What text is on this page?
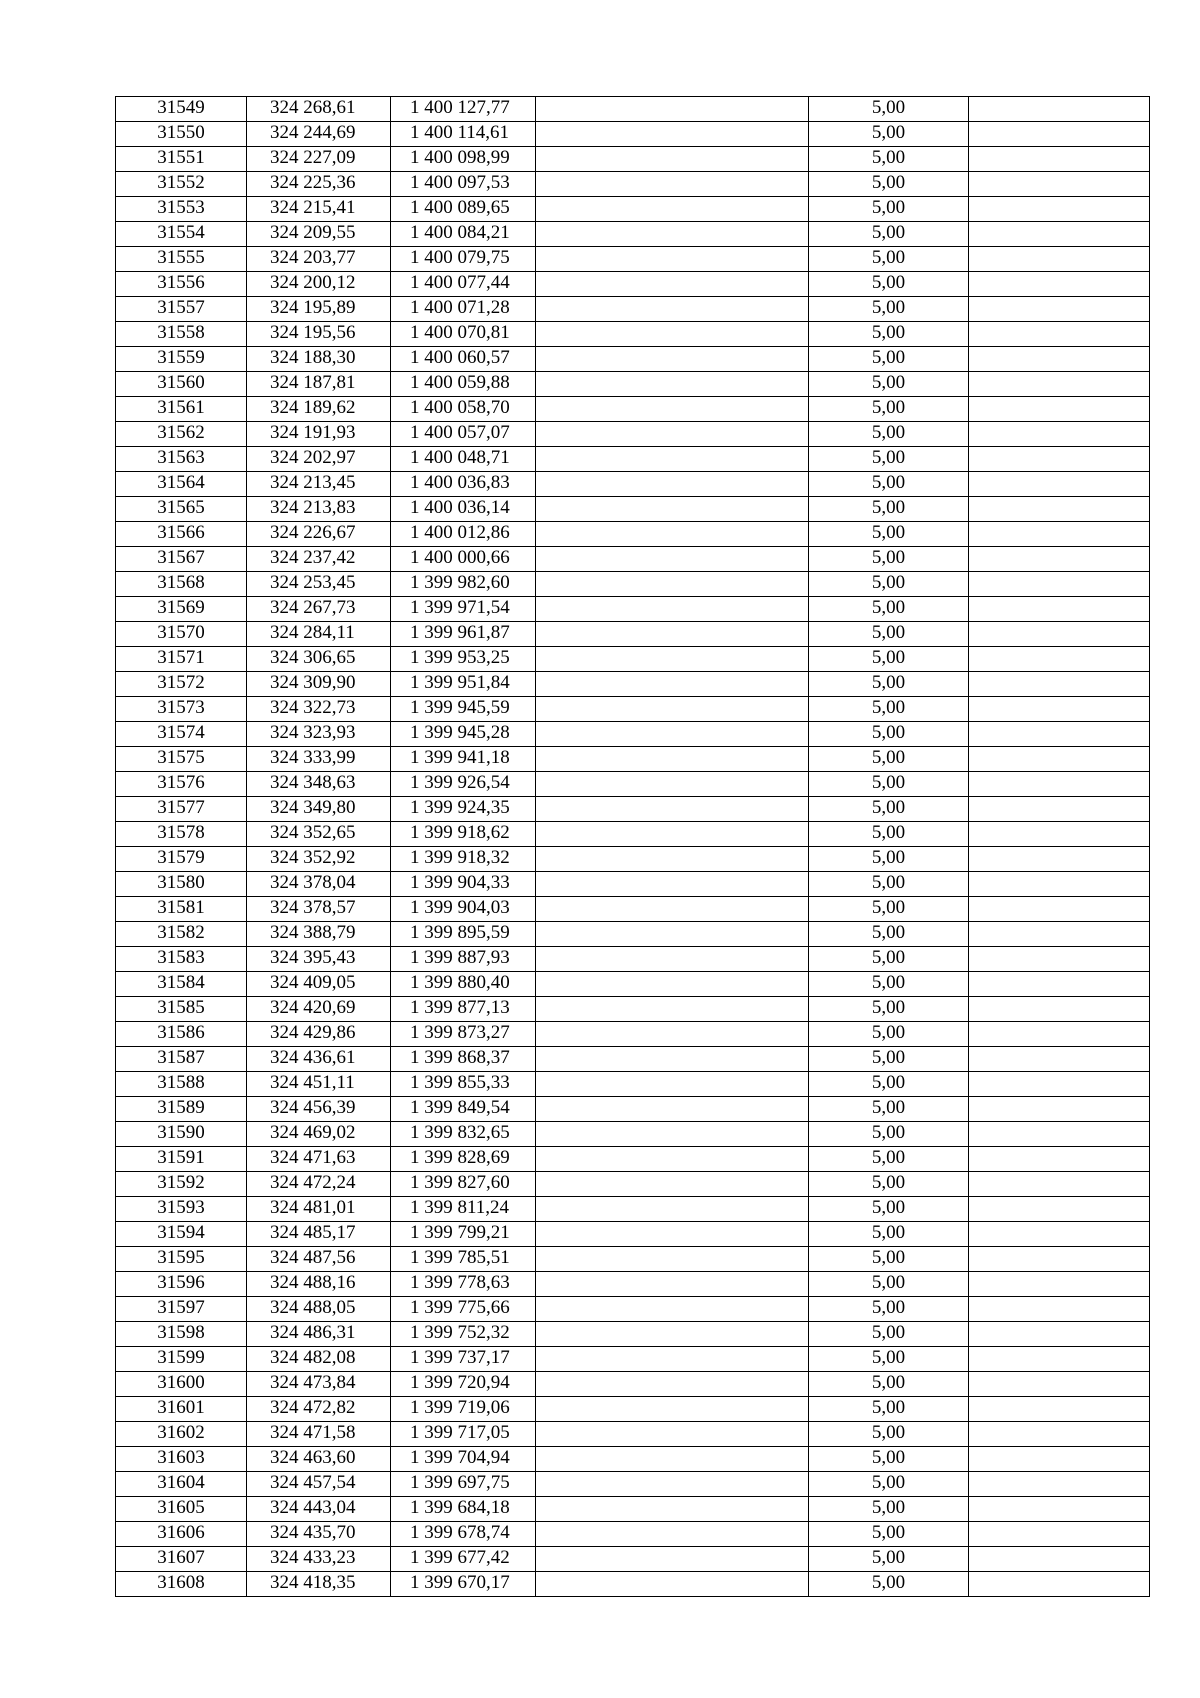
31549	324 268,61	1 400 127,77		5,00	
31550	324 244,69	1 400 114,61		5,00	
31551	324 227,09	1 400 098,99		5,00	
31552	324 225,36	1 400 097,53		5,00	
31553	324 215,41	1 400 089,65		5,00	
31554	324 209,55	1 400 084,21		5,00	
31555	324 203,77	1 400 079,75		5,00	
31556	324 200,12	1 400 077,44		5,00	
31557	324 195,89	1 400 071,28		5,00	
31558	324 195,56	1 400 070,81		5,00	
31559	324 188,30	1 400 060,57		5,00	
31560	324 187,81	1 400 059,88		5,00	
31561	324 189,62	1 400 058,70		5,00	
31562	324 191,93	1 400 057,07		5,00	
31563	324 202,97	1 400 048,71		5,00	
31564	324 213,45	1 400 036,83		5,00	
31565	324 213,83	1 400 036,14		5,00	
31566	324 226,67	1 400 012,86		5,00	
31567	324 237,42	1 400 000,66		5,00	
31568	324 253,45	1 399 982,60		5,00	
31569	324 267,73	1 399 971,54		5,00	
31570	324 284,11	1 399 961,87		5,00	
31571	324 306,65	1 399 953,25		5,00	
31572	324 309,90	1 399 951,84		5,00	
31573	324 322,73	1 399 945,59		5,00	
31574	324 323,93	1 399 945,28		5,00	
31575	324 333,99	1 399 941,18		5,00	
31576	324 348,63	1 399 926,54		5,00	
31577	324 349,80	1 399 924,35		5,00	
31578	324 352,65	1 399 918,62		5,00	
31579	324 352,92	1 399 918,32		5,00	
31580	324 378,04	1 399 904,33		5,00	
31581	324 378,57	1 399 904,03		5,00	
31582	324 388,79	1 399 895,59		5,00	
31583	324 395,43	1 399 887,93		5,00	
31584	324 409,05	1 399 880,40		5,00	
31585	324 420,69	1 399 877,13		5,00	
31586	324 429,86	1 399 873,27		5,00	
31587	324 436,61	1 399 868,37		5,00	
31588	324 451,11	1 399 855,33		5,00	
31589	324 456,39	1 399 849,54		5,00	
31590	324 469,02	1 399 832,65		5,00	
31591	324 471,63	1 399 828,69		5,00	
31592	324 472,24	1 399 827,60		5,00	
31593	324 481,01	1 399 811,24		5,00	
31594	324 485,17	1 399 799,21		5,00	
31595	324 487,56	1 399 785,51		5,00	
31596	324 488,16	1 399 778,63		5,00	
31597	324 488,05	1 399 775,66		5,00	
31598	324 486,31	1 399 752,32		5,00	
31599	324 482,08	1 399 737,17		5,00	
31600	324 473,84	1 399 720,94		5,00	
31601	324 472,82	1 399 719,06		5,00	
31602	324 471,58	1 399 717,05		5,00	
31603	324 463,60	1 399 704,94		5,00	
31604	324 457,54	1 399 697,75		5,00	
31605	324 443,04	1 399 684,18		5,00	
31606	324 435,70	1 399 678,74		5,00	
31607	324 433,23	1 399 677,42		5,00	
31608	324 418,35	1 399 670,17		5,00	
